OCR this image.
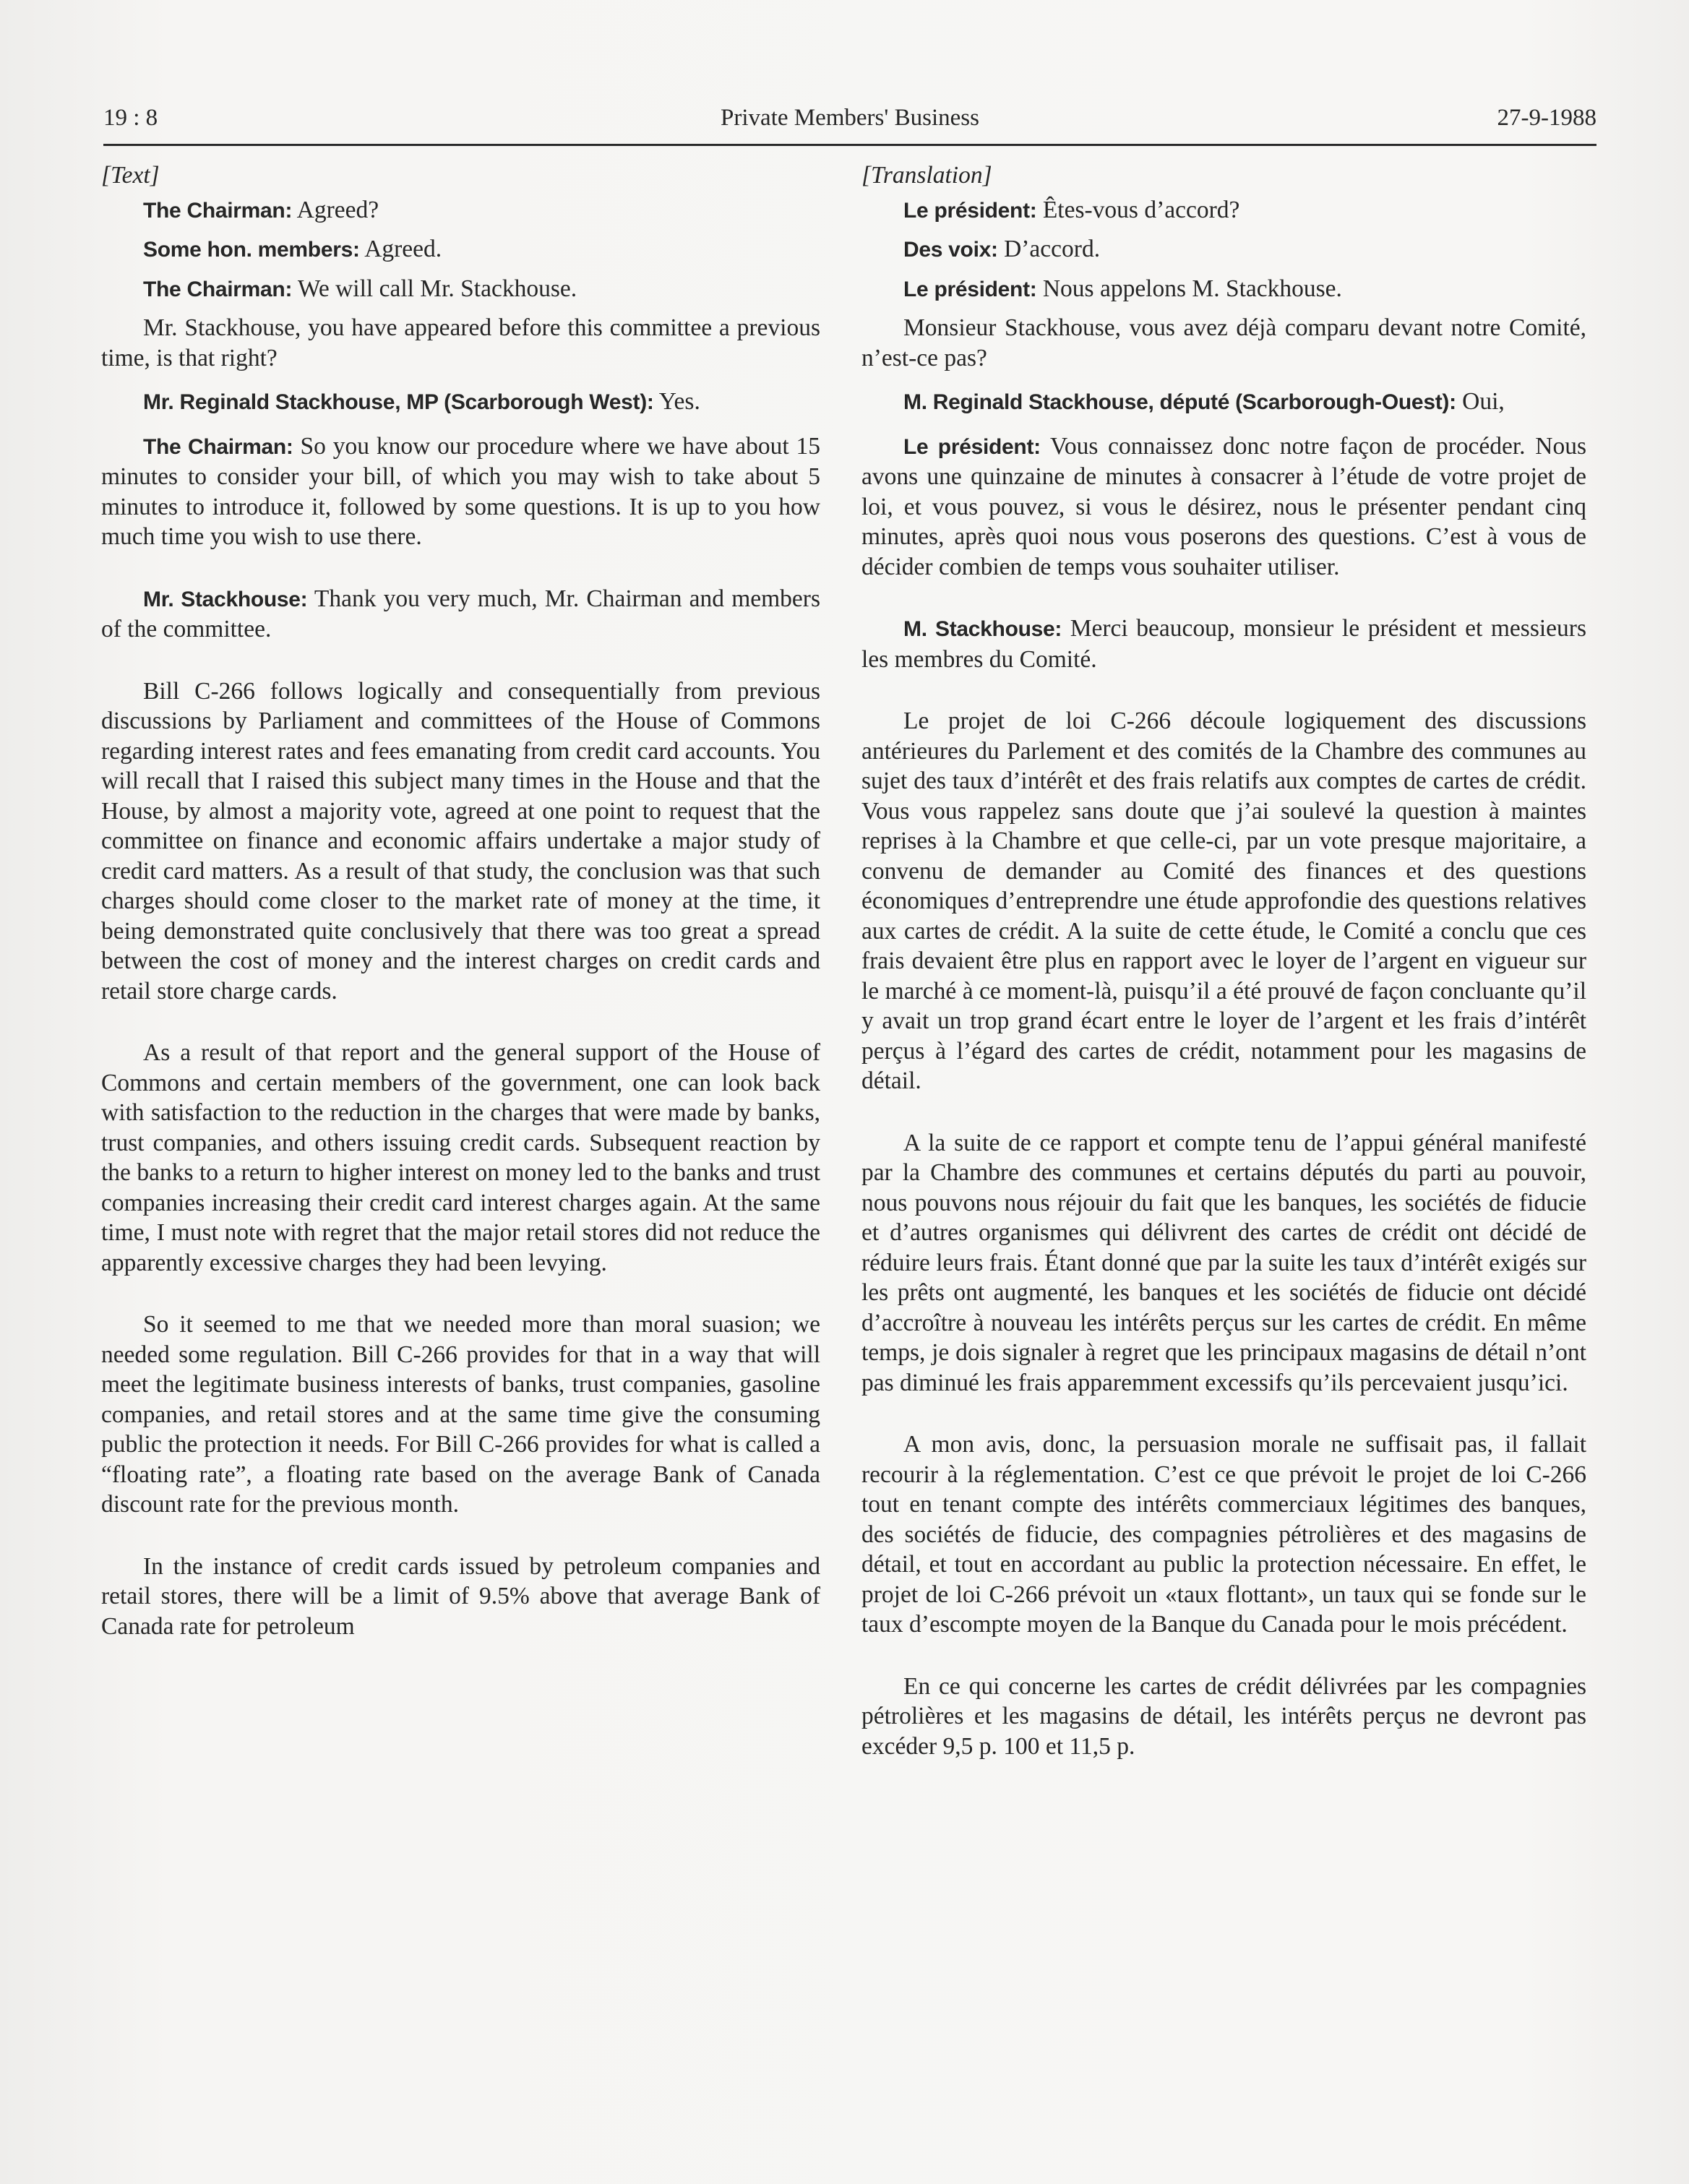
19 : 8	Private Members' Business	27-9-1988

[Text]

The Chairman: Agreed?

Some hon. members: Agreed.

The Chairman: We will call Mr. Stackhouse.

Mr. Stackhouse, you have appeared before this committee a previous time, is that right?

Mr. Reginald Stackhouse, MP (Scarborough West): Yes.

The Chairman: So you know our procedure where we have about 15 minutes to consider your bill, of which you may wish to take about 5 minutes to introduce it, followed by some questions. It is up to you how much time you wish to use there.

Mr. Stackhouse: Thank you very much, Mr. Chairman and members of the committee.

Bill C-266 follows logically and consequentially from previous discussions by Parliament and committees of the House of Commons regarding interest rates and fees emanating from credit card accounts. You will recall that I raised this subject many times in the House and that the House, by almost a majority vote, agreed at one point to request that the committee on finance and economic affairs undertake a major study of credit card matters. As a result of that study, the conclusion was that such charges should come closer to the market rate of money at the time, it being demonstrated quite conclusively that there was too great a spread between the cost of money and the interest charges on credit cards and retail store charge cards.

As a result of that report and the general support of the House of Commons and certain members of the government, one can look back with satisfaction to the reduction in the charges that were made by banks, trust companies, and others issuing credit cards. Subsequent reaction by the banks to a return to higher interest on money led to the banks and trust companies increasing their credit card interest charges again. At the same time, I must note with regret that the major retail stores did not reduce the apparently excessive charges they had been levying.

So it seemed to me that we needed more than moral suasion; we needed some regulation. Bill C-266 provides for that in a way that will meet the legitimate business interests of banks, trust companies, gasoline companies, and retail stores and at the same time give the consuming public the protection it needs. For Bill C-266 provides for what is called a “floating rate”, a floating rate based on the average Bank of Canada discount rate for the previous month.

In the instance of credit cards issued by petroleum companies and retail stores, there will be a limit of 9.5% above that average Bank of Canada rate for petroleum

[Translation]

Le président: Êtes-vous d’accord?

Des voix: D’accord.

Le président: Nous appelons M. Stackhouse.

Monsieur Stackhouse, vous avez déjà comparu devant notre Comité, n’est-ce pas?

M. Reginald Stackhouse, député (Scarborough-Ouest): Oui,

Le président: Vous connaissez donc notre façon de procéder. Nous avons une quinzaine de minutes à consacrer à l’étude de votre projet de loi, et vous pouvez, si vous le désirez, nous le présenter pendant cinq minutes, après quoi nous vous poserons des questions. C’est à vous de décider combien de temps vous souhaiter utiliser.

M. Stackhouse: Merci beaucoup, monsieur le président et messieurs les membres du Comité.

Le projet de loi C-266 découle logiquement des discussions antérieures du Parlement et des comités de la Chambre des communes au sujet des taux d’intérêt et des frais relatifs aux comptes de cartes de crédit. Vous vous rappelez sans doute que j’ai soulevé la question à maintes reprises à la Chambre et que celle-ci, par un vote presque majoritaire, a convenu de demander au Comité des finances et des questions économiques d’entreprendre une étude approfondie des questions relatives aux cartes de crédit. A la suite de cette étude, le Comité a conclu que ces frais devaient être plus en rapport avec le loyer de l’argent en vigueur sur le marché à ce moment-là, puisqu’il a été prouvé de façon concluante qu’il y avait un trop grand écart entre le loyer de l’argent et les frais d’intérêt perçus à l’égard des cartes de crédit, notamment pour les magasins de détail.

A la suite de ce rapport et compte tenu de l’appui général manifesté par la Chambre des communes et certains députés du parti au pouvoir, nous pouvons nous réjouir du fait que les banques, les sociétés de fiducie et d’autres organismes qui délivrent des cartes de crédit ont décidé de réduire leurs frais. Étant donné que par la suite les taux d’intérêt exigés sur les prêts ont augmenté, les banques et les sociétés de fiducie ont décidé d’accroître à nouveau les intérêts perçus sur les cartes de crédit. En même temps, je dois signaler à regret que les principaux magasins de détail n’ont pas diminué les frais apparemment excessifs qu’ils percevaient jusqu’ici.

A mon avis, donc, la persuasion morale ne suffisait pas, il fallait recourir à la réglementation. C’est ce que prévoit le projet de loi C-266 tout en tenant compte des intérêts commerciaux légitimes des banques, des sociétés de fiducie, des compagnies pétrolières et des magasins de détail, et tout en accordant au public la protection nécessaire. En effet, le projet de loi C-266 prévoit un «taux flottant», un taux qui se fonde sur le taux d’escompte moyen de la Banque du Canada pour le mois précédent.

En ce qui concerne les cartes de crédit délivrées par les compagnies pétrolières et les magasins de détail, les intérêts perçus ne devront pas excéder 9,5 p. 100 et 11,5 p.
